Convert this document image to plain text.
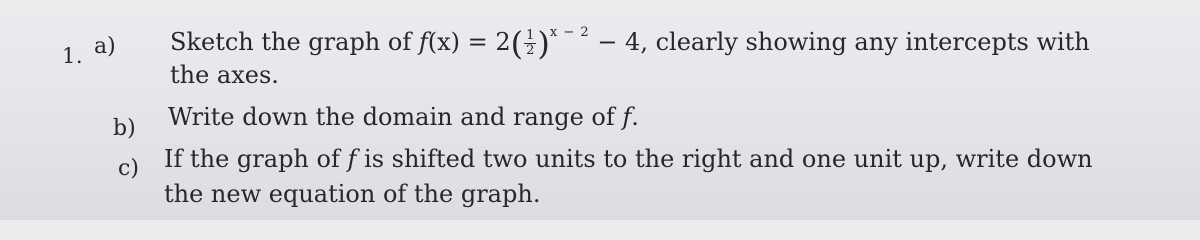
1. a) Sketch the graph of $f(x) = 2( \frac{1}{2} )^{x - 2} - 4$, clearly showing any intercepts with
the axes.
b) Write down the domain and range of f.
c) If the graph of f is shifted two units to the right and one unit up, write down
the new equation of the graph.
